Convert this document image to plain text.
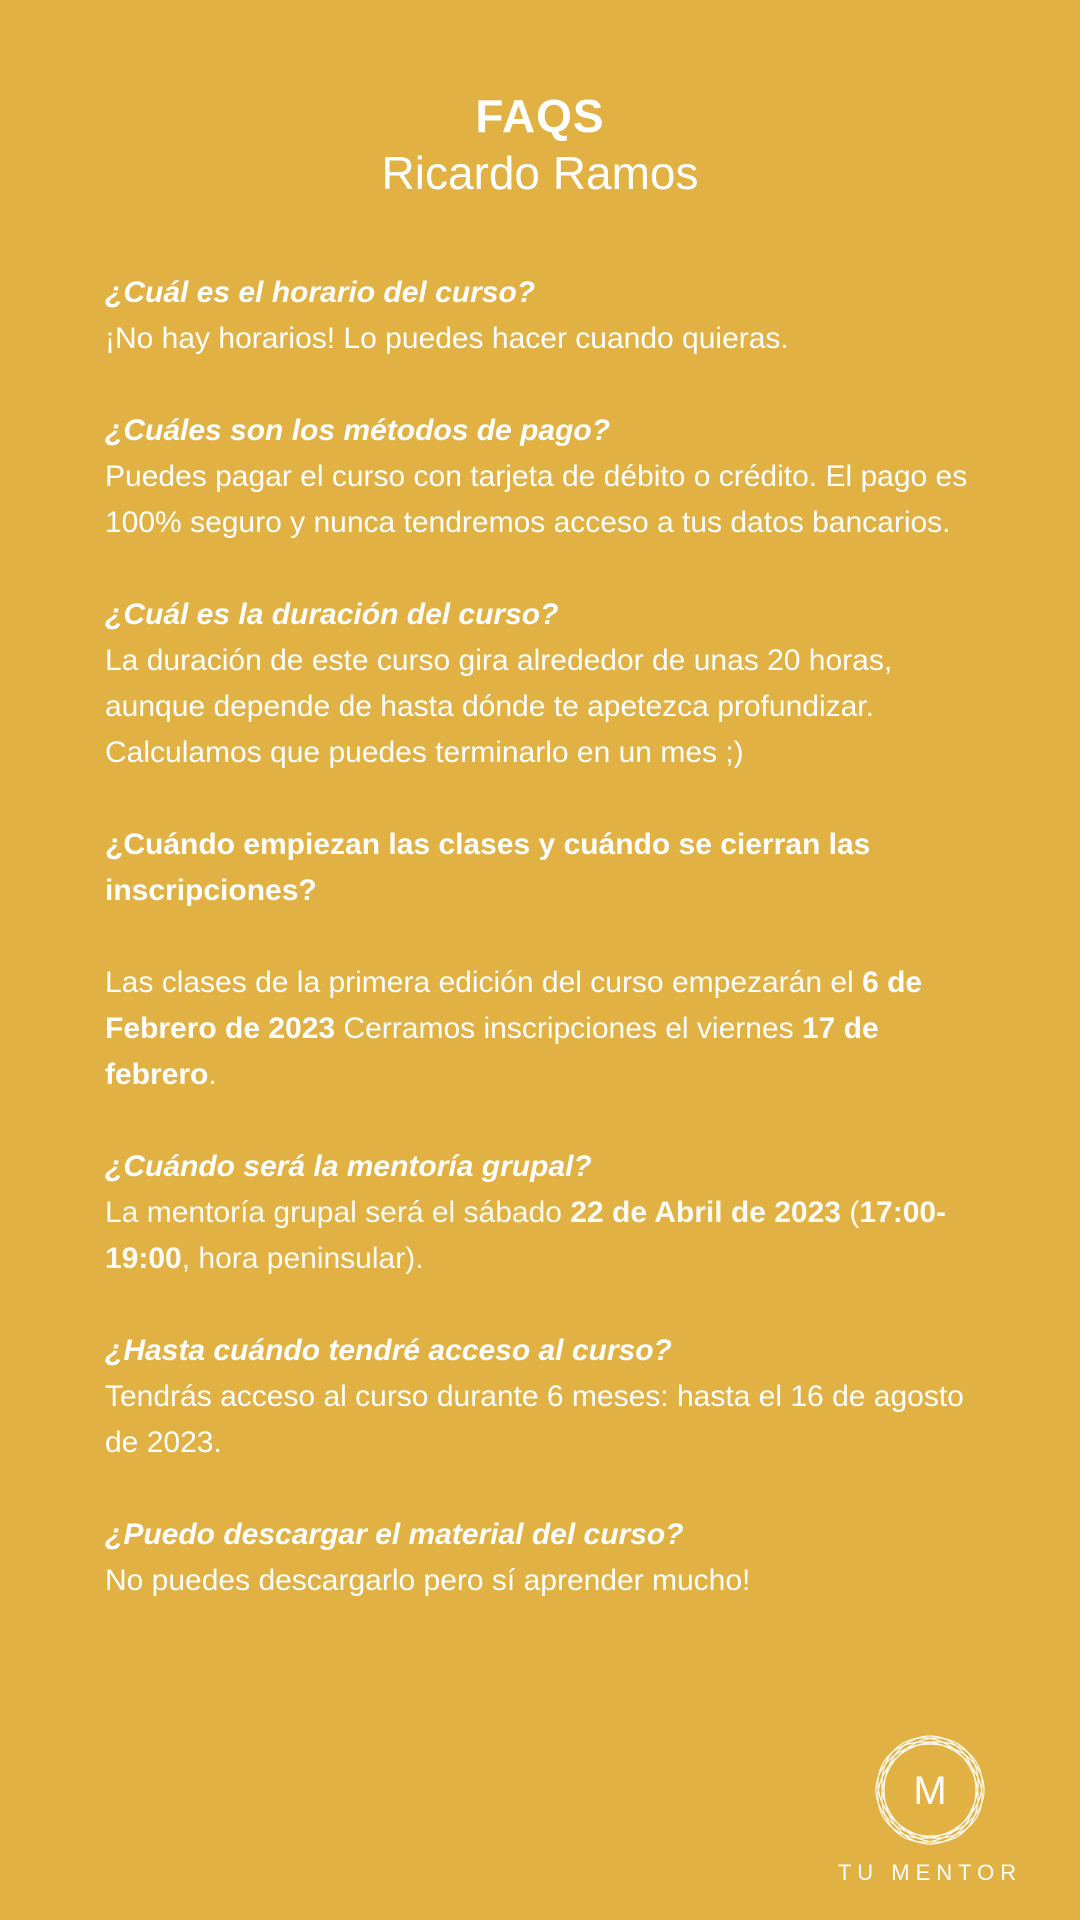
FAQS
Ricardo Ramos
¿Cuál es el horario del curso?
¡No hay horarios! Lo puedes hacer cuando quieras.
¿Cuáles son los métodos de pago?
Puedes pagar el curso con tarjeta de débito o crédito. El pago es 100% seguro y nunca tendremos acceso a tus datos bancarios.
¿Cuál es la duración del curso?
La duración de este curso gira alrededor de unas 20 horas, aunque depende de hasta dónde te apetezca profundizar. Calculamos que puedes terminarlo en un mes ;)
¿Cuándo empiezan las clases y cuándo se cierran las inscripciones?
Las clases de la primera edición del curso empezarán el 6 de Febrero de 2023 Cerramos inscripciones el viernes 17 de febrero.
¿Cuándo será la mentoría grupal?
La mentoría grupal será el sábado 22 de Abril de 2023 (17:00-19:00, hora peninsular).
¿Hasta cuándo tendré acceso al curso?
Tendrás acceso al curso durante 6 meses: hasta el 16 de agosto de 2023.
¿Puedo descargar el material del curso?
No puedes descargarlo pero sí aprender mucho!
M
TU MENTOR
